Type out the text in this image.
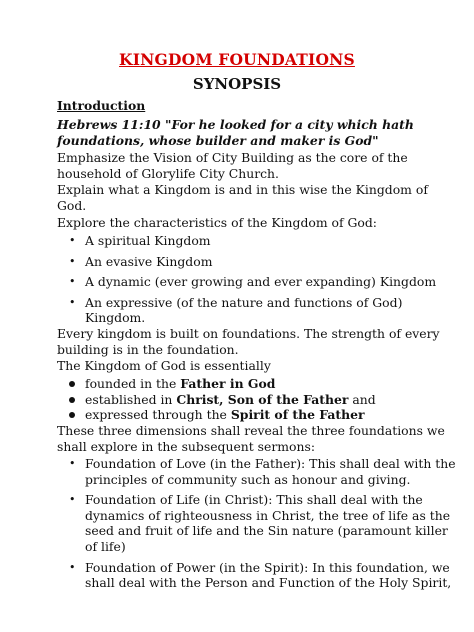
KINGDOM FOUNDATIONS
SYNOPSIS
Introduction
Hebrews 11:10 "For he looked for a city which hath foundations, whose builder and maker is God"
Emphasize the Vision of City Building as the core of the household of Glorylife City Church.
Explain what a Kingdom is and in this wise the Kingdom of God.
Explore the characteristics of the Kingdom of God:
• A spiritual Kingdom
• An evasive Kingdom
• A dynamic (ever growing and ever expanding) Kingdom
• An expressive (of the nature and functions of God) Kingdom.
Every kingdom is built on foundations. The strength of every building is in the foundation.
The Kingdom of God is essentially
founded in the Father in God
established in Christ, Son of the Father and
expressed through the Spirit of the Father
These three dimensions shall reveal the three foundations we shall explore in the subsequent sermons:
• Foundation of Love (in the Father): This shall deal with the principles of community such as honour and giving.
• Foundation of Life (in Christ): This shall deal with the dynamics of righteousness in Christ, the tree of life as the seed and fruit of life and the Sin nature (paramount killer of life)
• Foundation of Power (in the Spirit): In this foundation, we shall deal with the Person and Function of the Holy Spirit,
